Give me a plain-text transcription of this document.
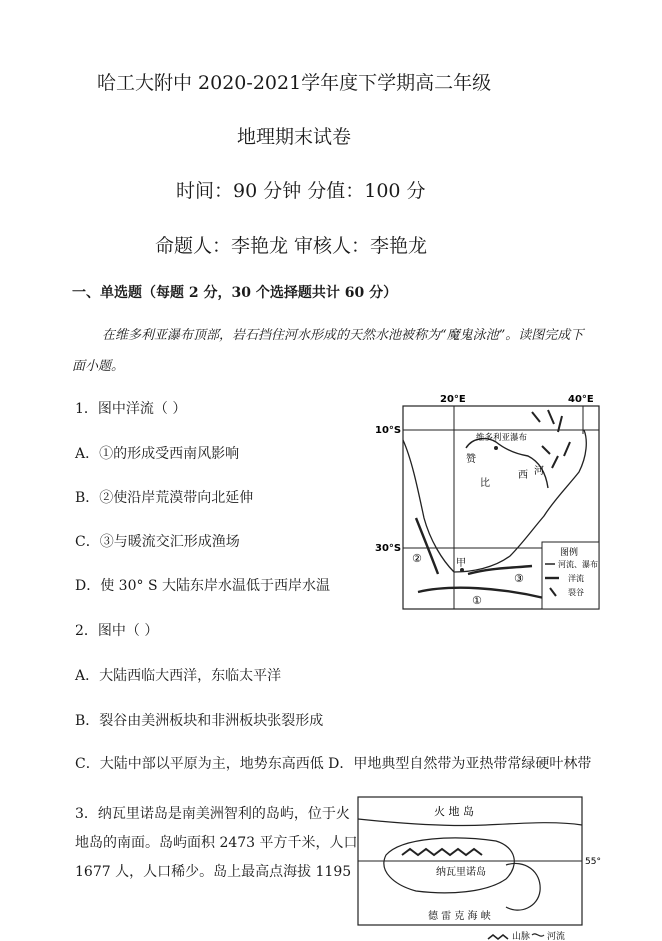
哈工大附中 2020-2021学年度下学期高二年级
地理期末试卷
时间：90 分钟 分值：100 分
命题人：李艳龙 审核人：李艳龙
一、单选题（每题 2 分，30 个选择题共计 60 分）
在维多利亚瀑布顶部，岩石挡住河水形成的天然水池被称为“魔鬼泳池”。读图完成下面小题。
1．图中洋流（ ）
A．①的形成受西南风影响
B．②使沿岸荒漠带向北延伸
C．③与暖流交汇形成渔场
D．使 30° S 大陆东岸水温低于西岸水温
2．图中（ ）
A．大陆西临大西洋，东临太平洋
B．裂谷由美洲板块和非洲板块张裂形成
C．大陆中部以平原为主，地势东高西低 D．甲地典型自然带为亚热带常绿硬叶林带
3．纳瓦里诺岛是南美洲智利的岛屿，位于火地岛的南面。岛屿面积 2473 平方千米，人口 1677 人，人口稀少。岛上最高点海拔 1195
20°E	40°E
10°S
30°S
维多利亚瀑布
赞
比
西 河
甲
②
③
①
图例
河流、瀑布
洋流
裂谷
55°
火 地 岛
纳瓦里诺岛
德 雷 克 海 峡
山脉 河流
